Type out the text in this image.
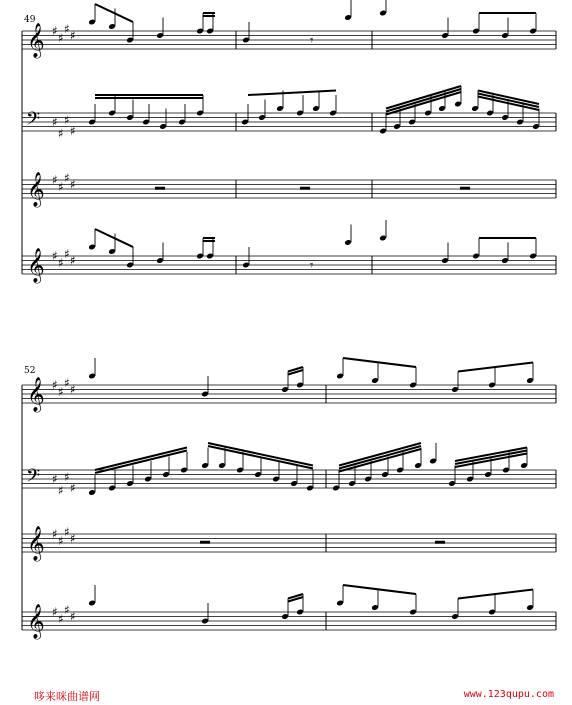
𝄞 ♯ ♯
♯ ♯
𝄢 ♯
♯
♯
♯
𝄞 ♯ ♯
♯ ♯
𝄞 ♯ ♯
♯ ♯
𝄾
𝄾
𝄞 ♯ ♯
♯ ♯
𝄢 ♯
♯
♯
♯
𝄞 ♯ ♯
♯ ♯
𝄞 ♯ ♯
♯ ♯
49
52
哆来咪曲谱网	www.123qupu.com
